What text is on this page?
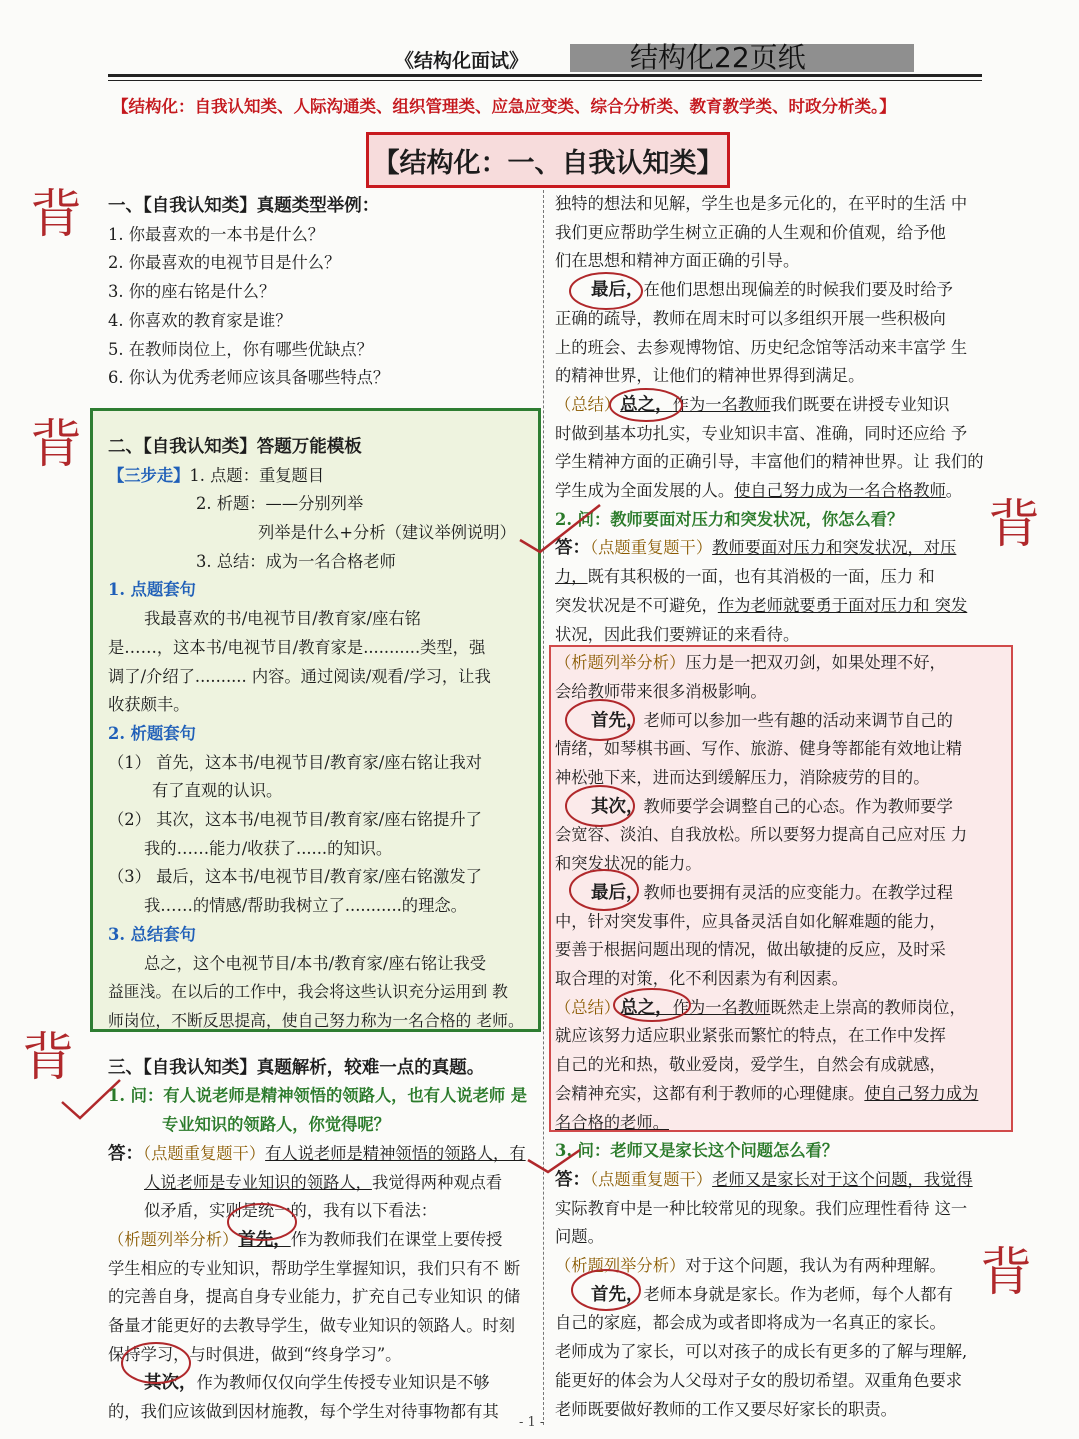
《结构化面试》	结构化22页纸
【结构化：自我认知类、人际沟通类、组织管理类、应急应变类、综合分析类、教育教学类、时政分析类。】
【结构化：一、自我认知类】

一、【自我认知类】真题类型举例：

1. 你最喜欢的一本书是什么？

2. 你最喜欢的电视节目是什么？

3. 你的座右铭是什么？

4. 你喜欢的教育家是谁？

5. 在教师岗位上，你有哪些优缺点？

6. 你认为优秀老师应该具备哪些特点？

二、【自我认知类】答题万能模板

【三步走】1. 点题：重复题目

2. 析题：——分别列举

列举是什么+分析（建议举例说明）

3. 总结：成为一名合格老师

1. 点题套句

我最喜欢的书/电视节目/教育家/座右铭

是……，这本书/电视节目/教育家是...........类型，强

调了/介绍了.......... 内容。通过阅读/观看/学习，让我

收获颇丰。

2. 析题套句

（1） 首先，这本书/电视节目/教育家/座右铭让我对

有了直观的认识。

（2） 其次，这本书/电视节目/教育家/座右铭提升了

我的……能力/收获了......的知识。

（3） 最后，这本书/电视节目/教育家/座右铭激发了

我……的情感/帮助我树立了...........的理念。

3. 总结套句

总之，这个电视节目/本书/教育家/座右铭让我受

益匪浅。在以后的工作中，我会将这些认识充分运用到 教

师岗位，不断反思提高，使自己努力称为一名合格的 老师。

三、【自我认知类】真题解析，较难一点的真题。

1. 问：有人说老师是精神领悟的领路人，也有人说老师 是

专业知识的领路人，你觉得呢？

答：（点题重复题干）有人说老师是精神领悟的领路人，有

人说老师是专业知识的领路人，我觉得两种观点看

似矛盾，实则是统一的，我有以下看法：

（析题列举分析）首先，作为教师我们在课堂上要传授

学生相应的专业知识，帮助学生掌握知识，我们只有不 断

的完善自身，提高自身专业能力，扩充自己专业知识 的储

备量才能更好的去教导学生，做专业知识的领路人。时刻

保持学习，与时俱进，做到“终身学习”。

其次，作为教师仅仅向学生传授专业知识是不够

的，我们应该做到因材施教，每个学生对待事物都有其

独特的想法和见解，学生也是多元化的，在平时的生活 中

我们更应帮助学生树立正确的人生观和价值观，给予他

们在思想和精神方面正确的引导。

最后，在他们思想出现偏差的时候我们要及时给予

正确的疏导，教师在周末时可以多组织开展一些积极向

上的班会、去参观博物馆、历史纪念馆等活动来丰富学 生

的精神世界，让他们的精神世界得到满足。

（总结）总之，作为一名教师我们既要在讲授专业知识

时做到基本功扎实，专业知识丰富、准确，同时还应给 予

学生精神方面的正确引导，丰富他们的精神世界。让 我们的

学生成为全面发展的人。使自己努力成为一名合格教师。

2. 问：教师要面对压力和突发状况，你怎么看？

答：（点题重复题干）教师要面对压力和突发状况，对压

力，既有其积极的一面，也有其消极的一面，压力 和

突发状况是不可避免，作为老师就要勇于面对压力和 突发

状况，因此我们要辨证的来看待。

（析题列举分析）压力是一把双刃剑，如果处理不好，

会给教师带来很多消极影响。

首先，老师可以参加一些有趣的活动来调节自己的

情绪，如琴棋书画、写作、旅游、健身等都能有效地让精

神松弛下来，进而达到缓解压力，消除疲劳的目的。

其次，教师要学会调整自己的心态。作为教师要学

会宽容、淡泊、自我放松。所以要努力提高自己应对压 力

和突发状况的能力。

最后，教师也要拥有灵活的应变能力。在教学过程

中，针对突发事件，应具备灵活自如化解难题的能力，

要善于根据问题出现的情况，做出敏捷的反应，及时采

取合理的对策，化不利因素为有利因素。

（总结）总之，作为一名教师既然走上崇高的教师岗位，

就应该努力适应职业紧张而繁忙的特点，在工作中发挥

自己的光和热，敬业爱岗，爱学生，自然会有成就感，

会精神充实，这都有利于教师的心理健康。使自己努力成为

名合格的老师。

3. 问：老师又是家长这个问题怎么看？

答：（点题重复题干）老师又是家长对于这个问题，我觉得

实际教育中是一种比较常见的现象。我们应理性看待 这一

问题。

（析题列举分析）对于这个问题，我认为有两种理解。

首先，老师本身就是家长。作为老师，每个人都有

自己的家庭，都会成为或者即将成为一名真正的家长。

老师成为了家长，可以对孩子的成长有更多的了解与理解,

能更好的体会为人父母对子女的殷切希望。双重角色要求

老师既要做好教师的工作又要尽好家长的职责。

背
背
背
背
背
- 1 -
